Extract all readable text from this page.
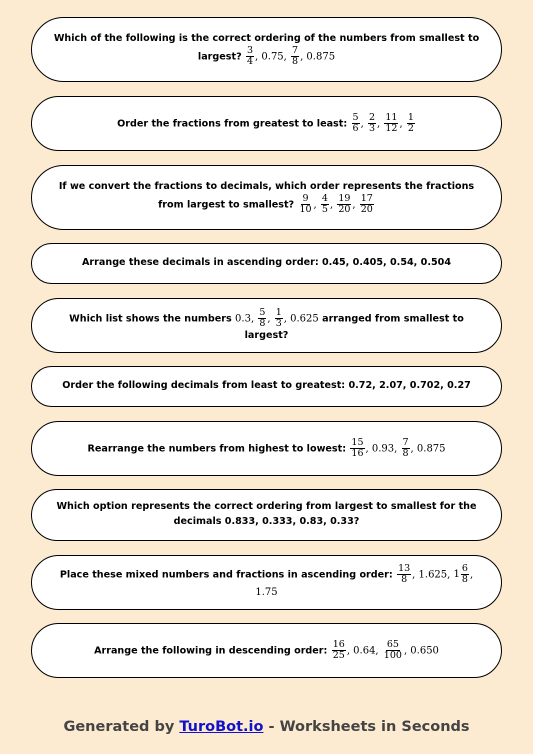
Which of the following is the correct ordering of the numbers from smallest to largest? $\frac{3}{4}$ , 0.75, $\frac{7}{8}$ , 0.875
Order the fractions from greatest to least: $\frac{5}{6}$ , $\frac{2}{3}$ , $\frac{11}{12}$ , $\frac{1}{2}$
If we convert the fractions to decimals, which order represents the fractions from largest to smallest? $\frac{9}{10}$ , $\frac{4}{5}$ , $\frac{19}{20}$ , $\frac{17}{20}$
Arrange these decimals in ascending order: 0.45, 0.405, 0.54, 0.504
Which list shows the numbers 0.3, $\frac{5}{8}$ , $\frac{1}{3}$ , 0.625 arranged from smallest to largest?
Order the following decimals from least to greatest: 0.72, 2.07, 0.702, 0.27
Rearrange the numbers from highest to lowest: $\frac{15}{16}$ , 0.93, $\frac{7}{8}$ , 0.875
Which option represents the correct ordering from largest to smallest for the decimals 0.833, 0.333, 0.83, 0.33?
Place these mixed numbers and fractions in ascending order: $\frac{13}{8}$ , 1.625, $1 \frac{6}{8}$ , 1.75
Arrange the following in descending order: $\frac{16}{25}$ , 0.64, $\frac{65}{100}$ , 0.650
Generated by TuroBot.io - Worksheets in Seconds
